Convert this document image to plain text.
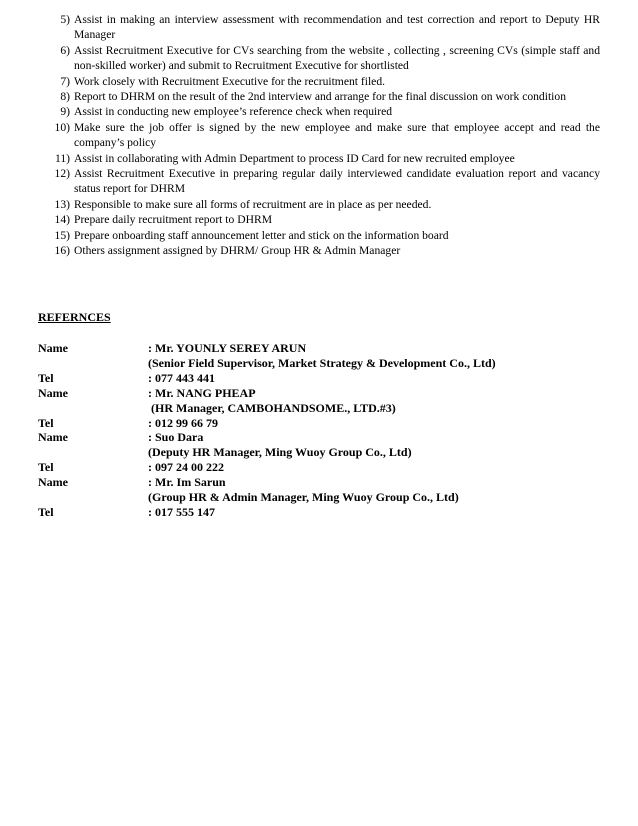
5) Assist in making an interview assessment with recommendation and test correction and report to Deputy HR Manager
6) Assist Recruitment Executive for CVs searching from the website , collecting , screening CVs (simple staff and non-skilled worker) and submit to Recruitment Executive for shortlisted
7) Work closely with Recruitment Executive for the recruitment filed.
8) Report to DHRM on the result of the 2nd interview and arrange for the final discussion on work condition
9) Assist in conducting new employee’s reference check when required
10) Make sure the job offer is signed by the new employee and make sure that employee accept and read the company’s policy
11) Assist in collaborating with Admin Department to process ID Card for new recruited employee
12) Assist Recruitment Executive in preparing regular daily interviewed candidate evaluation report and vacancy status report for DHRM
13) Responsible to make sure all forms of recruitment are in place as per needed.
14) Prepare daily recruitment report to DHRM
15) Prepare onboarding staff announcement letter and stick on the information board
16) Others assignment assigned by DHRM/ Group HR & Admin Manager
REFERNCES
Name	: Mr. YOUNLY SEREY ARUN
(Senior Field Supervisor, Market Strategy & Development Co., Ltd)
Tel	: 077 443 441
Name	: Mr. NANG PHEAP
(HR Manager, CAMBOHANDSOME., LTD.#3)
Tel	: 012 99 66 79
Name	: Suo Dara
(Deputy HR Manager, Ming Wuoy Group Co., Ltd)
Tel	: 097 24 00 222
Name	: Mr. Im Sarun
(Group HR & Admin Manager, Ming Wuoy Group Co., Ltd)
Tel	: 017 555 147
